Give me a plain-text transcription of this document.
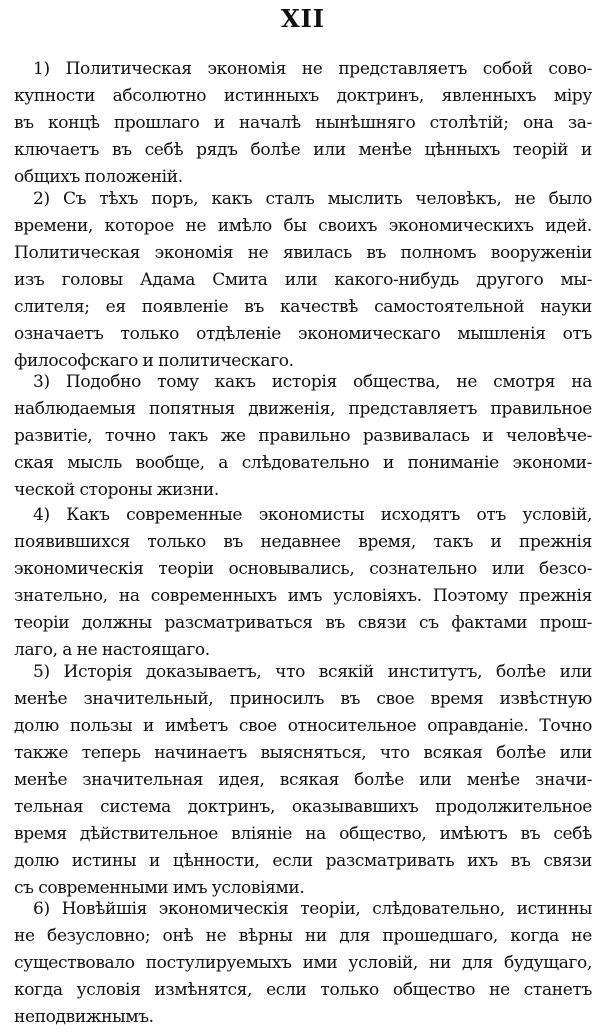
XII
1) Политическая экономія не представляетъ собой сово-
купности абсолютно истинныхъ доктринъ, явленныхъ міру
въ концѣ прошлаго и началѣ нынѣшняго столѣтій; она за-
ключаетъ въ себѣ рядъ болѣе или менѣе цѣнныхъ теорій и
общихъ положеній.
2) Съ тѣхъ поръ, какъ сталъ мыслить человѣкъ, не было
времени, которое не имѣло бы своихъ экономическихъ идей.
Политическая экономія не явилась въ полномъ вооруженіи
изъ головы Адама Смита или какого-нибудь другого мы-
слителя; ея появленіе въ качествѣ самостоятельной науки
означаетъ только отдѣленіе экономическаго мышленія отъ
философскаго и политическаго.
3) Подобно тому какъ исторія общества, не смотря на
наблюдаемыя попятныя движенія, представляетъ правильное
развитіе, точно такъ же правильно развивалась и человѣче-
ская мысль вообще, а слѣдовательно и пониманіе экономи-
ческой стороны жизни.
4) Какъ современные экономисты исходятъ отъ условій,
появившихся только въ недавнее время, такъ и прежнія
экономическія теоріи основывались, сознательно или безсо-
знательно, на современныхъ имъ условіяхъ. Поэтому прежнія
теоріи должны разсматриваться въ связи съ фактами прош-
лаго, а не настоящаго.
5) Исторія доказываетъ, что всякій институтъ, болѣе или
менѣе значительный, приносилъ въ свое время извѣстную
долю пользы и имѣетъ свое относительное оправданіе. Точно
также теперь начинаетъ выясняться, что всякая болѣе или
менѣе значительная идея, всякая болѣе или менѣе значи-
тельная система доктринъ, оказывавшихъ продолжительное
время дѣйствительное вліяніе на общество, имѣютъ въ себѣ
долю истины и цѣнности, если разсматривать ихъ въ связи
съ современными имъ условіями.
6) Новѣйшія экономическія теоріи, слѣдовательно, истинны
не безусловно; онѣ не вѣрны ни для прошедшаго, когда не
существовало постулируемыхъ ими условій, ни для будущаго,
когда условія измѣнятся, если только общество не станетъ
неподвижнымъ.
